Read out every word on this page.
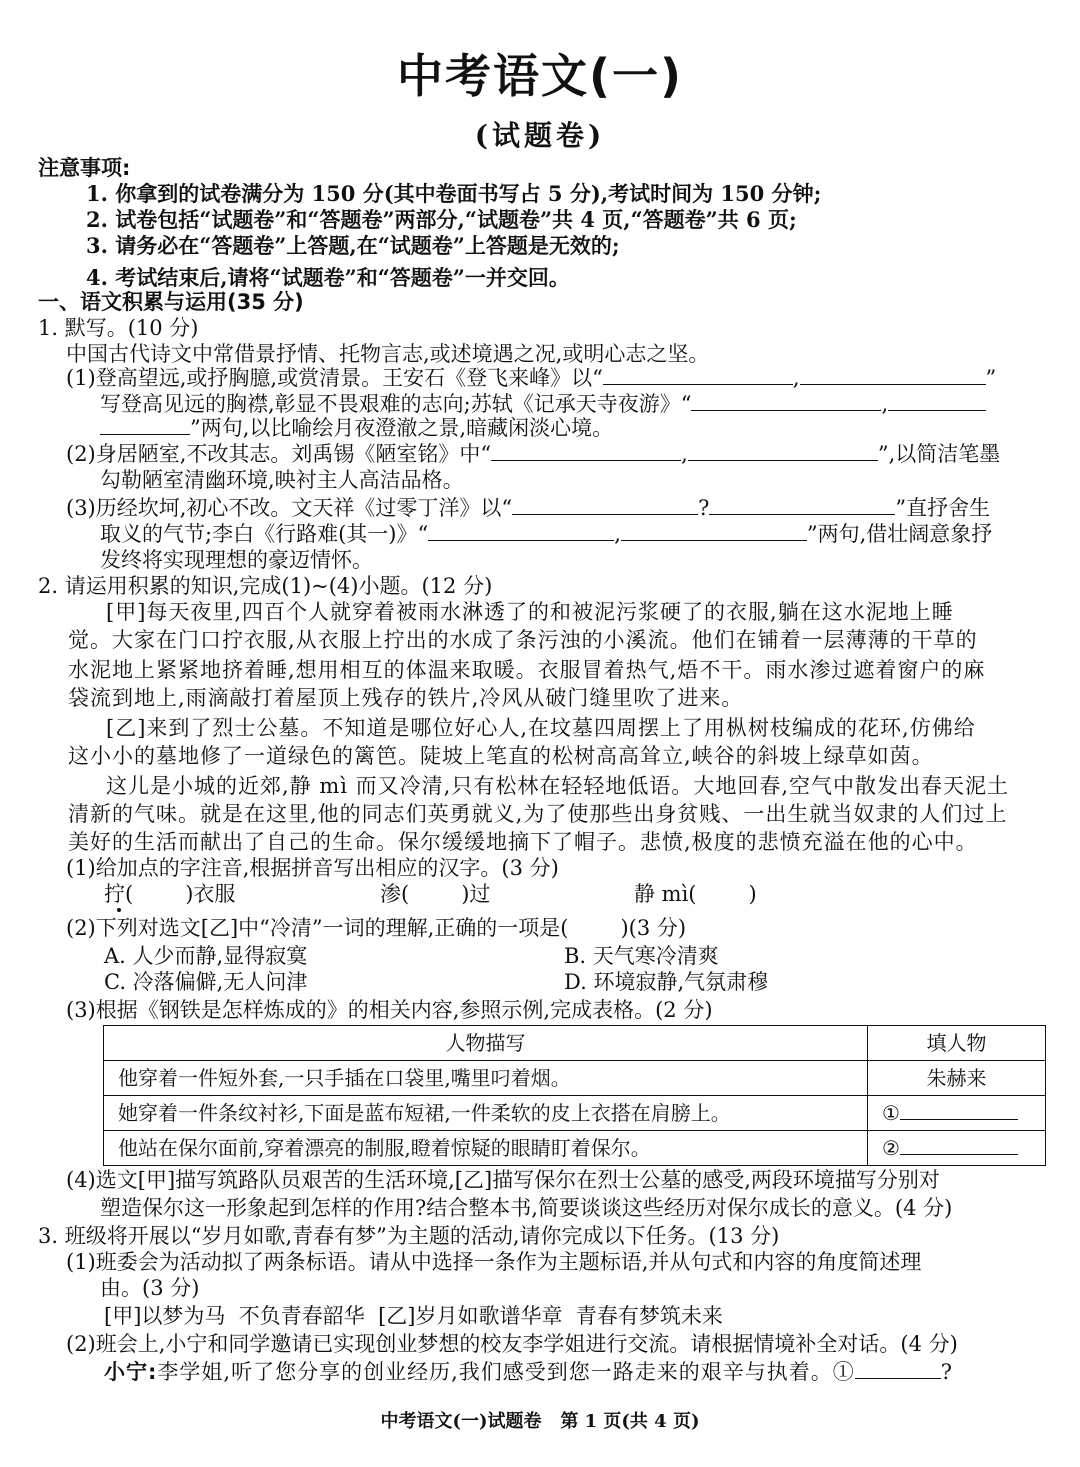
中考语文(一)
(试题卷)
注意事项:
1. 你拿到的试卷满分为 150 分(其中卷面书写占 5 分),考试时间为 150 分钟;
2. 试卷包括“试题卷”和“答题卷”两部分,“试题卷”共 4 页,“答题卷”共 6 页;
3. 请务必在“答题卷”上答题,在“试题卷”上答题是无效的;
4. 考试结束后,请将“试题卷”和“答题卷”一并交回。
一、语文积累与运用(35 分)
1. 默写。(10 分)
中国古代诗文中常借景抒情、托物言志,或述境遇之况,或明心志之坚。
(1)登高望远,或抒胸臆,或赏清景。王安石《登飞来峰》以“	,	”
写登高见远的胸襟,彰显不畏艰难的志向;苏轼《记承天寺夜游》“	,
”两句,以比喻绘月夜澄澈之景,暗藏闲淡心境。
(2)身居陋室,不改其志。刘禹锡《陋室铭》中“	,	”,以简洁笔墨
勾勒陋室清幽环境,映衬主人高洁品格。
(3)历经坎坷,初心不改。文天祥《过零丁洋》以“	?	”直抒舍生
取义的气节;李白《行路难(其一)》“	,	”两句,借壮阔意象抒
发终将实现理想的豪迈情怀。
2. 请运用积累的知识,完成(1)~(4)小题。(12 分)
[甲]每天夜里,四百个人就穿着被雨水淋透了的和被泥污浆硬了的衣服,躺在这水泥地上睡
觉。大家在门口拧衣服,从衣服上拧出的水成了条污浊的小溪流。他们在铺着一层薄薄的干草的
水泥地上紧紧地挤着睡,想用相互的体温来取暖。衣服冒着热气,焐不干。雨水渗过遮着窗户的麻
袋流到地上,雨滴敲打着屋顶上残存的铁片,冷风从破门缝里吹了进来。
[乙]来到了烈士公墓。不知道是哪位好心人,在坟墓四周摆上了用枞树枝编成的花环,仿佛给
这小小的墓地修了一道绿色的篱笆。陡坡上笔直的松树高高耸立,峡谷的斜坡上绿草如茵。
这儿是小城的近郊,静 mì 而又冷清,只有松林在轻轻地低语。大地回春,空气中散发出春天泥土
清新的气味。就是在这里,他的同志们英勇就义,为了使那些出身贫贱、一出生就当奴隶的人们过上
美好的生活而献出了自己的生命。保尔缓缓地摘下了帽子。悲愤,极度的悲愤充溢在他的心中。
(1)给加点的字注音,根据拼音写出相应的汉字。(3 分)
拧( )衣服	渗( )过	静 mì( )
(2)下列对选文[乙]中“冷清”一词的理解,正确的一项是( )(3 分)
A. 人少而静,显得寂寞	B. 天气寒冷清爽
C. 冷落偏僻,无人问津	D. 环境寂静,气氛肃穆
(3)根据《钢铁是怎样炼成的》的相关内容,参照示例,完成表格。(2 分)
人物描写	填人物
他穿着一件短外套,一只手插在口袋里,嘴里叼着烟。	朱赫来
她穿着一件条纹衬衫,下面是蓝布短裙,一件柔软的皮上衣搭在肩膀上。	①
他站在保尔面前,穿着漂亮的制服,瞪着惊疑的眼睛盯着保尔。	②
(4)选文[甲]描写筑路队员艰苦的生活环境,[乙]描写保尔在烈士公墓的感受,两段环境描写分别对
塑造保尔这一形象起到怎样的作用?结合整本书,简要谈谈这些经历对保尔成长的意义。(4 分)
3. 班级将开展以“岁月如歌,青春有梦”为主题的活动,请你完成以下任务。(13 分)
(1)班委会为活动拟了两条标语。请从中选择一条作为主题标语,并从句式和内容的角度简述理
由。(3 分)
[甲]以梦为马  不负青春韶华  [乙]岁月如歌谱华章  青春有梦筑未来
(2)班会上,小宁和同学邀请已实现创业梦想的校友李学姐进行交流。请根据情境补全对话。(4 分)
小宁:李学姐,听了您分享的创业经历,我们感受到您一路走来的艰辛与执着。①	?
中考语文(一)试题卷   第 1 页(共 4 页)
